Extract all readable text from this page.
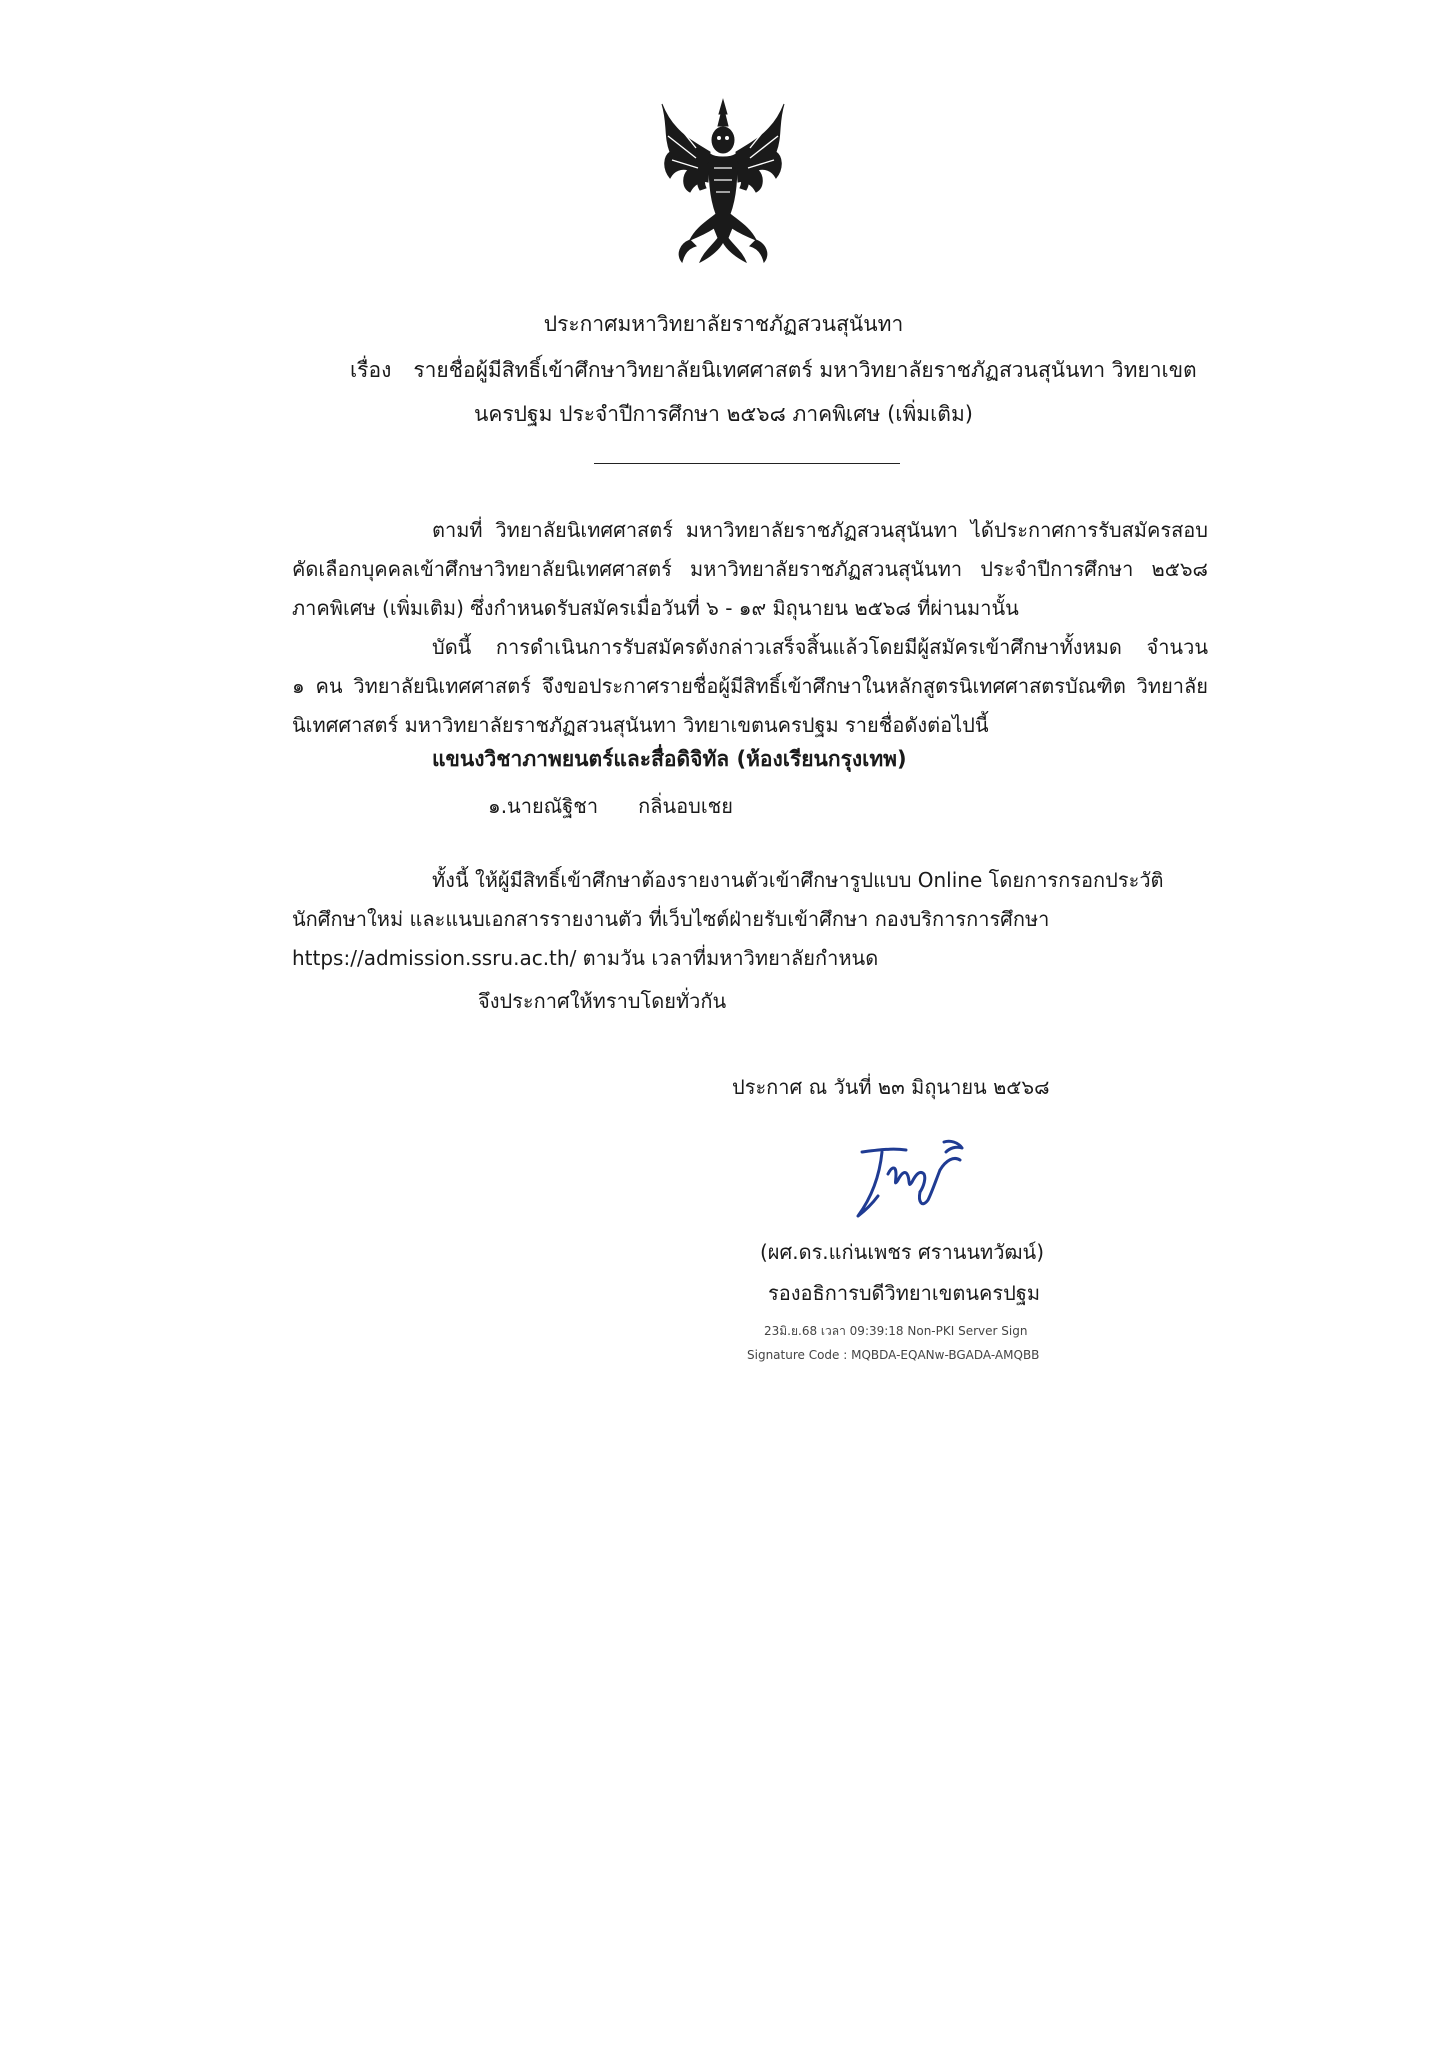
ประกาศมหาวิทยาลัยราชภัฏสวนสุนันทา
เรื่อง รายชื่อผู้มีสิทธิ์เข้าศึกษาวิทยาลัยนิเทศศาสตร์ มหาวิทยาลัยราชภัฏสวนสุนันทา วิทยาเขต
นครปฐม ประจำปีการศึกษา ๒๕๖๘ ภาคพิเศษ (เพิ่มเติม)
ตามที่ วิทยาลัยนิเทศศาสตร์ มหาวิทยาลัยราชภัฏสวนสุนันทา ได้ประกาศการรับสมัครสอบ
คัดเลือกบุคคลเข้าศึกษาวิทยาลัยนิเทศศาสตร์ มหาวิทยาลัยราชภัฏสวนสุนันทา ประจำปีการศึกษา ๒๕๖๘
ภาคพิเศษ (เพิ่มเติม) ซึ่งกำหนดรับสมัครเมื่อวันที่ ๖ - ๑๙ มิถุนายน ๒๕๖๘ ที่ผ่านมานั้น
บัดนี้ การดำเนินการรับสมัครดังกล่าวเสร็จสิ้นแล้วโดยมีผู้สมัครเข้าศึกษาทั้งหมด จำนวน
๑ คน วิทยาลัยนิเทศศาสตร์ จึงขอประกาศรายชื่อผู้มีสิทธิ์เข้าศึกษาในหลักสูตรนิเทศศาสตรบัณฑิต วิทยาลัย
นิเทศศาสตร์ มหาวิทยาลัยราชภัฏสวนสุนันทา วิทยาเขตนครปฐม รายชื่อดังต่อไปนี้
แขนงวิชาภาพยนตร์และสื่อดิจิทัล (ห้องเรียนกรุงเทพ)
๑.นายณัฐิชา กลิ่นอบเชย
ทั้งนี้ ให้ผู้มีสิทธิ์เข้าศึกษาต้องรายงานตัวเข้าศึกษารูปแบบ Online โดยการกรอกประวัติ
นักศึกษาใหม่ และแนบเอกสารรายงานตัว ที่เว็บไซต์ฝ่ายรับเข้าศึกษา กองบริการการศึกษา
https://admission.ssru.ac.th/ ตามวัน เวลาที่มหาวิทยาลัยกำหนด
จึงประกาศให้ทราบโดยทั่วกัน
ประกาศ ณ วันที่ ๒๓ มิถุนายน ๒๕๖๘
(ผศ.ดร.แก่นเพชร ศรานนทวัฒน์)
รองอธิการบดีวิทยาเขตนครปฐม
23มิ.ย.68 เวลา 09:39:18 Non-PKI Server Sign
Signature Code : MQBDA-EQANw-BGADA-AMQBB
